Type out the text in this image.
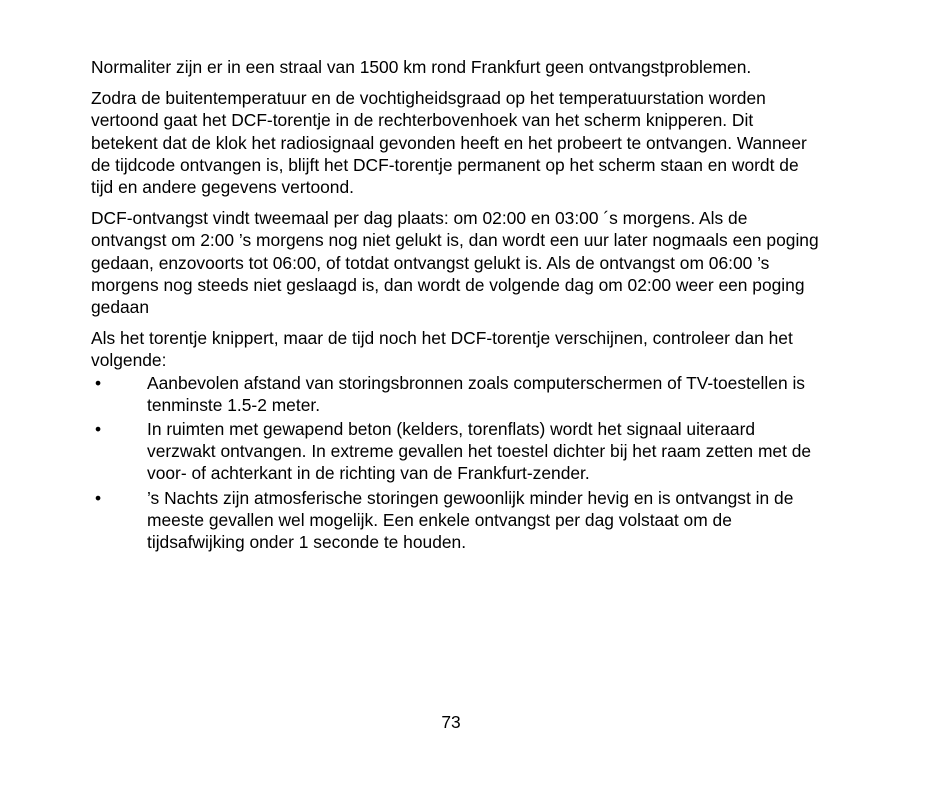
Normaliter zijn er in een straal van 1500 km rond Frankfurt geen ontvangstproblemen.

Zodra de buitentemperatuur en de vochtigheidsgraad op het temperatuurstation worden vertoond gaat het DCF-torentje in de rechterbovenhoek van het scherm knipperen. Dit betekent dat de klok het radiosignaal gevonden heeft en het probeert te ontvangen. Wanneer de tijdcode ontvangen is, blijft het DCF-torentje permanent op het scherm staan en wordt de tijd en andere gegevens vertoond.

DCF-ontvangst vindt tweemaal per dag plaats: om 02:00 en 03:00 ´s morgens. Als de ontvangst om 2:00 ’s morgens nog niet gelukt is, dan wordt een uur later nogmaals een poging gedaan, enzovoorts tot 06:00, of totdat ontvangst gelukt is. Als de ontvangst om 06:00 ’s morgens nog steeds niet geslaagd is, dan wordt de volgende dag om 02:00 weer een poging gedaan

Als het torentje knippert, maar de tijd noch het DCF-torentje verschijnen, controleer dan het volgende:

•	Aanbevolen afstand van storingsbronnen zoals computerschermen of TV-toestellen is tenminste 1.5-2 meter.
•	In ruimten met gewapend beton (kelders, torenflats) wordt het signaal uiteraard verzwakt ontvangen. In extreme gevallen het toestel dichter bij het raam zetten met de voor- of achterkant in de richting van de Frankfurt-zender.
•	’s Nachts zijn atmosferische storingen gewoonlijk minder hevig en is ontvangst in de meeste gevallen wel mogelijk. Een enkele ontvangst per dag volstaat om de tijdsafwijking onder 1 seconde te houden.
73
